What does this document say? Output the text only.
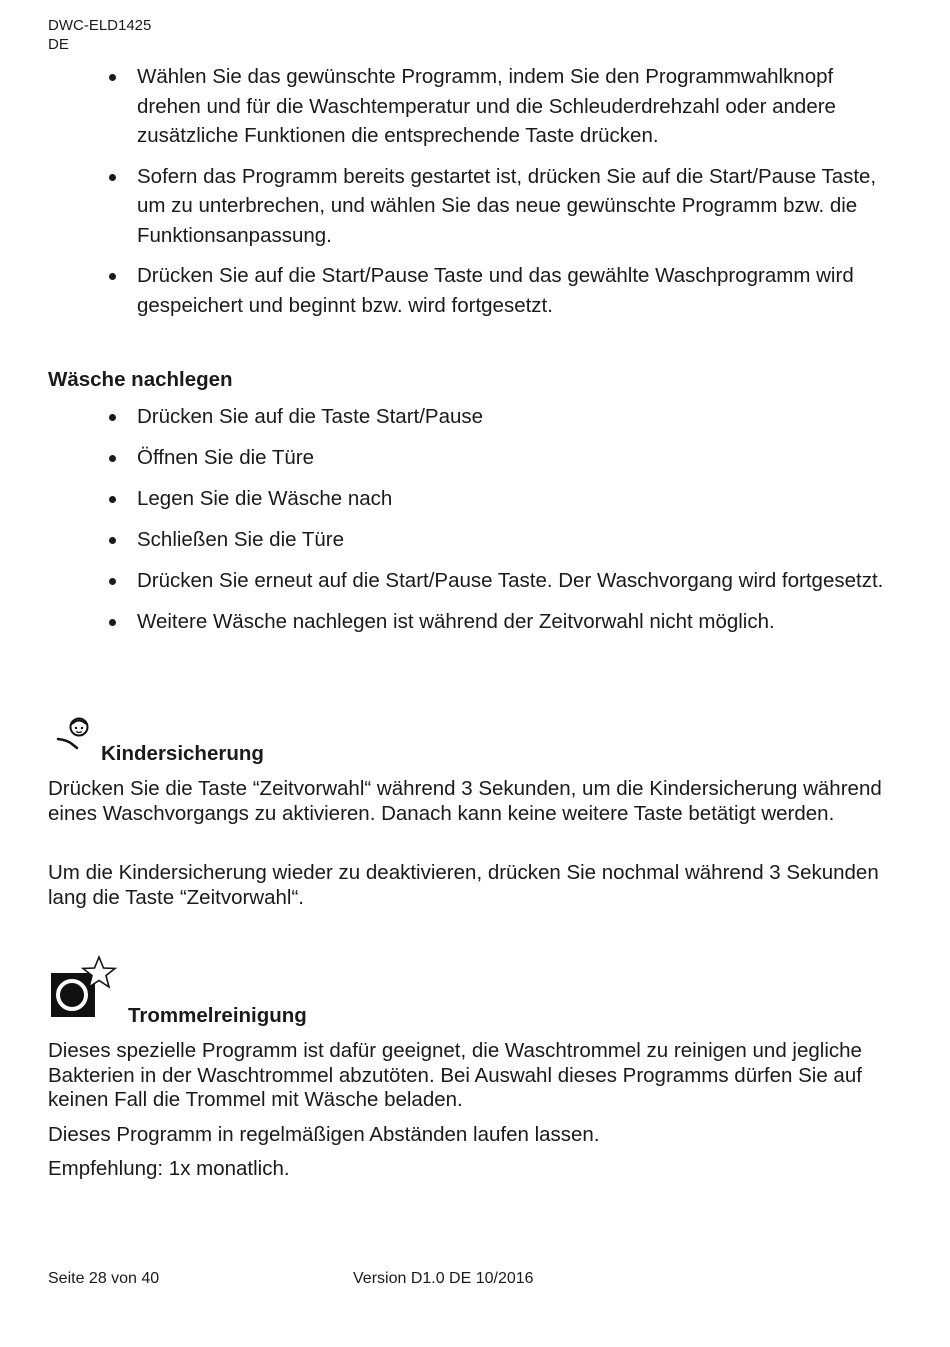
DWC-ELD1425
DE
Wählen Sie das gewünschte Programm, indem Sie den Programmwahlknopf drehen und für die Waschtemperatur und die Schleuderdrehzahl oder andere zusätzliche Funktionen die entsprechende Taste drücken.
Sofern das Programm bereits gestartet ist, drücken Sie auf die Start/Pause Taste, um zu unterbrechen, und wählen Sie das neue gewünschte Programm bzw. die Funktionsanpassung.
Drücken Sie auf die Start/Pause Taste und das gewählte Waschprogramm wird gespeichert und beginnt bzw. wird fortgesetzt.
Wäsche nachlegen
Drücken Sie auf die Taste Start/Pause
Öffnen Sie die Türe
Legen Sie die Wäsche nach
Schließen Sie die Türe
Drücken Sie erneut auf die Start/Pause Taste. Der Waschvorgang wird fortgesetzt.
Weitere Wäsche nachlegen ist während der Zeitvorwahl nicht möglich.
Kindersicherung

Drücken Sie die Taste “Zeitvorwahl“ während 3 Sekunden, um die Kindersicherung während eines Waschvorgangs zu aktivieren. Danach kann keine weitere Taste betätigt werden.

Um die Kindersicherung wieder zu deaktivieren, drücken Sie nochmal während 3 Sekunden lang die Taste “Zeitvorwahl“.

Trommelreinigung

Dieses spezielle Programm ist dafür geeignet, die Waschtrommel zu reinigen und jegliche Bakterien in der Waschtrommel abzutöten. Bei Auswahl dieses Programms dürfen Sie auf keinen Fall die Trommel mit Wäsche beladen.

Dieses Programm in regelmäßigen Abständen laufen lassen.

Empfehlung: 1x monatlich.

Seite 28 von 40	Version D1.0 DE 10/2016
